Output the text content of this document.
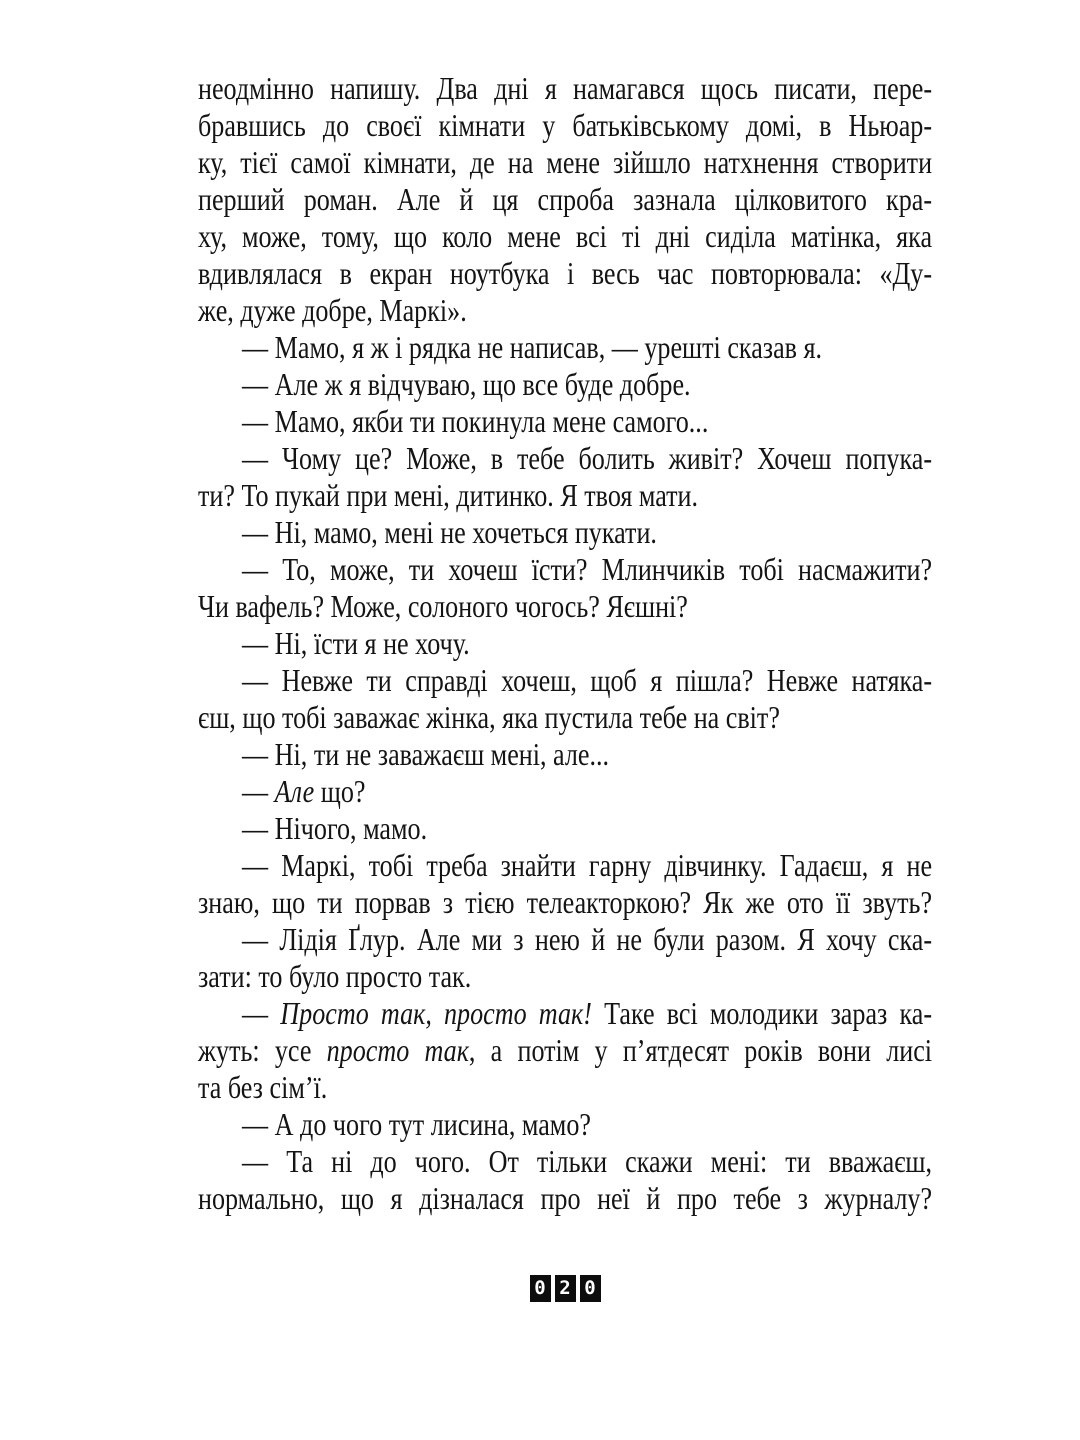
неодмінно напишу. Два дні я намагався щось писати, пере-
бравшись до своєї кімнати у батьківському домі, в Ньюар-
ку, тієї самої кімнати, де на мене зійшло натхнення створити
перший роман. Але й ця спроба зазнала цілковитого кра-
ху, може, тому, що коло мене всі ті дні сиділа матінка, яка
вдивлялася в екран ноутбука і весь час повторювала: «Ду-
же, дуже добре, Маркі».
— Мамо, я ж і рядка не написав, — урешті сказав я.
— Але ж я відчуваю, що все буде добре.
— Мамо, якби ти покинула мене самого...
— Чому це? Може, в тебе болить живіт? Хочеш попука-
ти? То пукай при мені, дитинко. Я твоя мати.
— Ні, мамо, мені не хочеться пукати.
— То, може, ти хочеш їсти? Млинчиків тобі насмажити?
Чи вафель? Може, солоного чогось? Яєшні?
— Ні, їсти я не хочу.
— Невже ти справді хочеш, щоб я пішла? Невже натяка-
єш, що тобі заважає жінка, яка пустила тебе на світ?
— Ні, ти не заважаєш мені, але...
— Але що?
— Нічого, мамо.
— Маркі, тобі треба знайти гарну дівчинку. Гадаєш, я не
знаю, що ти порвав з тією телеакторкою? Як же ото її звуть?
— Лідія Ґлур. Але ми з нею й не були разом. Я хочу ска-
зати: то було просто так.
— Просто так, просто так! Таке всі молодики зараз ка-
жуть: усе просто так, а потім у п’ятдесят років вони лисі
та без сім’ї.
— А до чого тут лисина, мамо?
— Та ні до чого. От тільки скажи мені: ти вважаєш,
нормально, що я дізналася про неї й про тебе з журналу?
0 2 0
